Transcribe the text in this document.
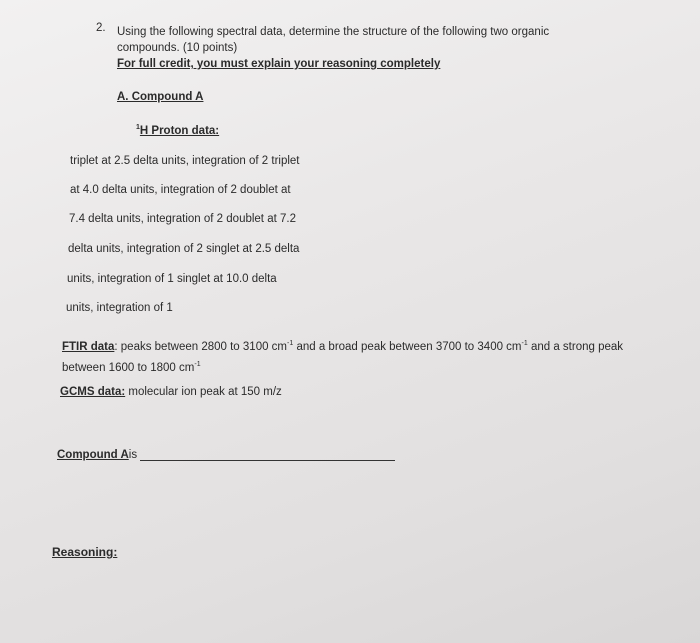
2. Using the following spectral data, determine the structure of the following two organic
compounds. (10 points)
For full credit, you must explain your reasoning completely
A. Compound A
$^1$H Proton data:
triplet at 2.5 delta units, integration of 2 triplet
at 4.0 delta units, integration of 2 doublet at
7.4 delta units, integration of 2 doublet at 7.2
delta units, integration of 2 singlet at 2.5 delta
units, integration of 1 singlet at 10.0 delta
units, integration of 1
FTIR data: peaks between 2800 to 3100 $cm^{-1}$ and a broad peak between 3700 to 3400 $cm^{-1}$ and a strong peak between 1600 to 1800 $cm^{-1}$
GCMS data: molecular ion peak at 150 m/z
Compound A is
Reasoning:
